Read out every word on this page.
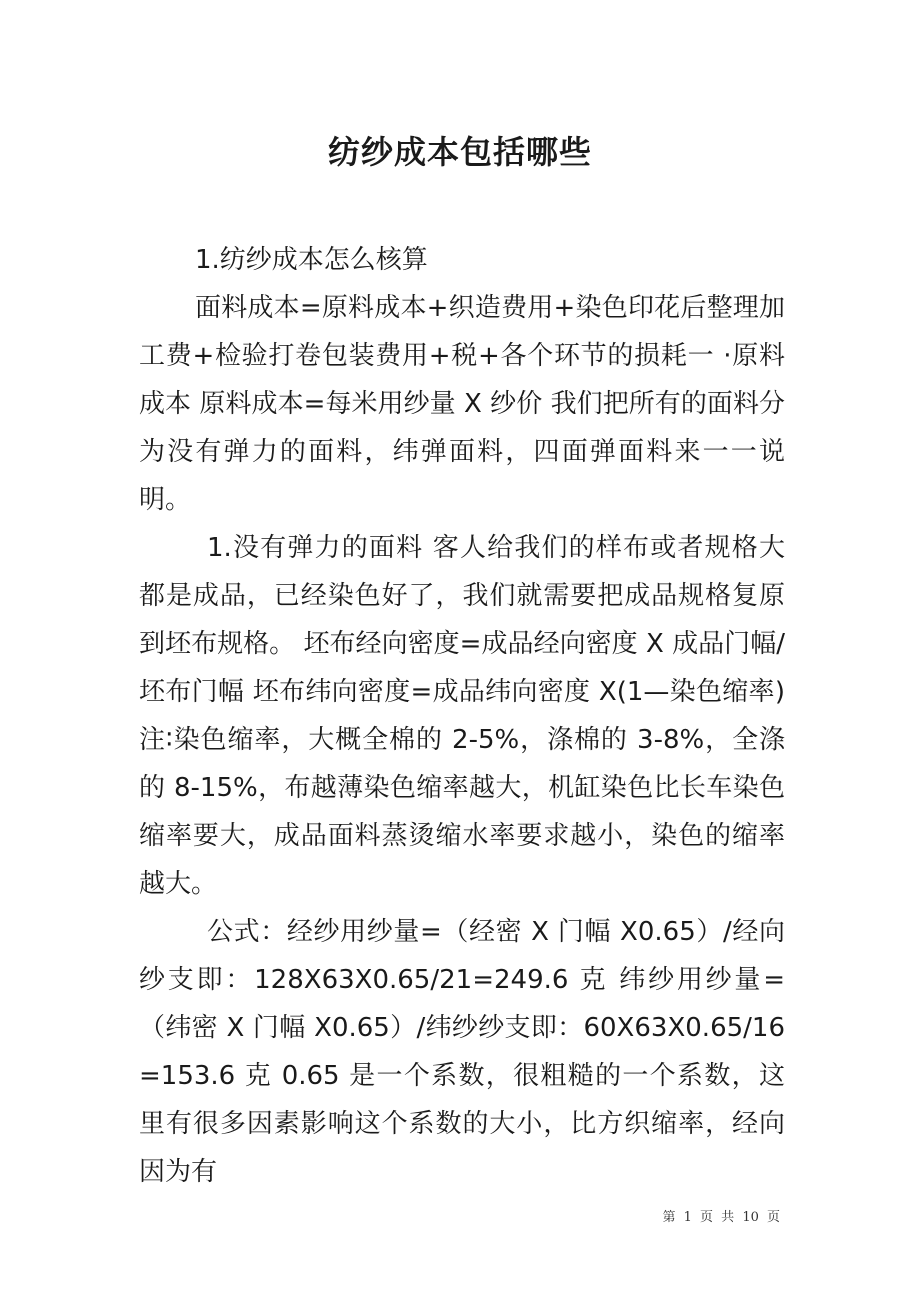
纺纱成本包括哪些

1.纺纱成本怎么核算

面料成本=原料成本+织造费用+染色印花后整理加工费+检验打卷包装费用+税+各个环节的损耗一 ·原料成本 原料成本=每米用纱量 X 纱价 我们把所有的面料分为没有弹力的面料，纬弹面料，四面弹面料来一一说明。

1.没有弹力的面料 客人给我们的样布或者规格大都是成品，已经染色好了，我们就需要把成品规格复原到坯布规格。 坯布经向密度=成品经向密度 X 成品门幅/坯布门幅 坯布纬向密度=成品纬向密度 X(1—染色缩率) 注∶染色缩率，大概全棉的 2-5%，涤棉的 3-8%，全涤的 8-15%，布越薄染色缩率越大，机缸染色比长车染色缩率要大，成品面料蒸烫缩水率要求越小，染色的缩率越大。

公式：经纱用纱量=（经密 X 门幅 X0.65）/经向纱支即：128X63X0.65/21=249.6 克 纬纱用纱量=（纬密 X 门幅 X0.65）/纬纱纱支即：60X63X0.65/16=153.6 克 0.65 是一个系数，很粗糙的一个系数，这里有很多因素影响这个系数的大小，比方织缩率，经向因为有

第 1 页 共 10 页
